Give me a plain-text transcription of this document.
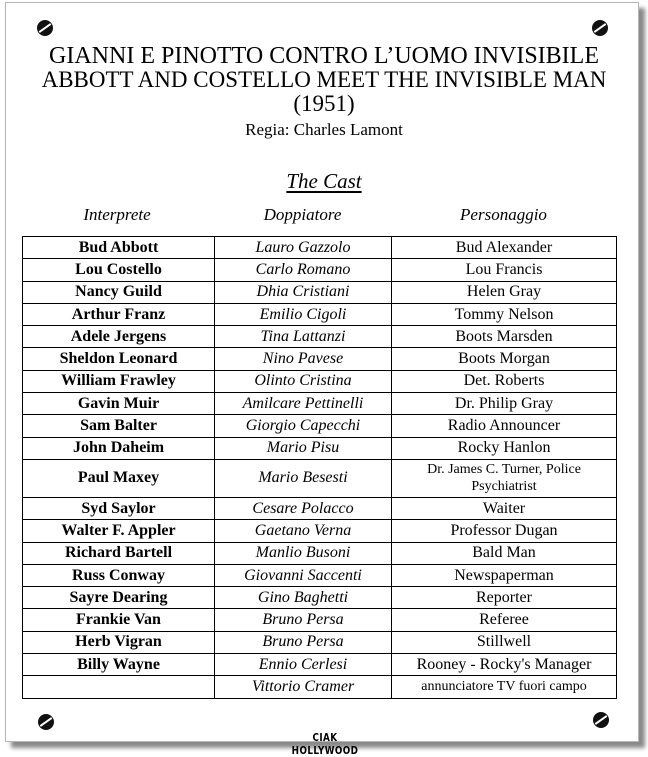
GIANNI E PINOTTO CONTRO L’UOMO INVISIBILE
ABBOTT AND COSTELLO MEET THE INVISIBLE MAN
(1951)
Regia: Charles Lamont
The Cast
Interprete	Doppiatore	Personaggio
Bud Abbott	Lauro Gazzolo	Bud Alexander
Lou Costello	Carlo Romano	Lou Francis
Nancy Guild	Dhia Cristiani	Helen Gray
Arthur Franz	Emilio Cigoli	Tommy Nelson
Adele Jergens	Tina Lattanzi	Boots Marsden
Sheldon Leonard	Nino Pavese	Boots Morgan
William Frawley	Olinto Cristina	Det. Roberts
Gavin Muir	Amilcare Pettinelli	Dr. Philip Gray
Sam Balter	Giorgio Capecchi	Radio Announcer
John Daheim	Mario Pisu	Rocky Hanlon
Paul Maxey	Mario Besesti	Dr. James C. Turner, Police Psychiatrist
Syd Saylor	Cesare Polacco	Waiter
Walter F. Appler	Gaetano Verna	Professor Dugan
Richard Bartell	Manlio Busoni	Bald Man
Russ Conway	Giovanni Saccenti	Newspaperman
Sayre Dearing	Gino Baghetti	Reporter
Frankie Van	Bruno Persa	Referee
Herb Vigran	Bruno Persa	Stillwell
Billy Wayne	Ennio Cerlesi	Rooney - Rocky's Manager
	Vittorio Cramer	annunciatore TV fuori campo
CIAK HOLLYWOOD
